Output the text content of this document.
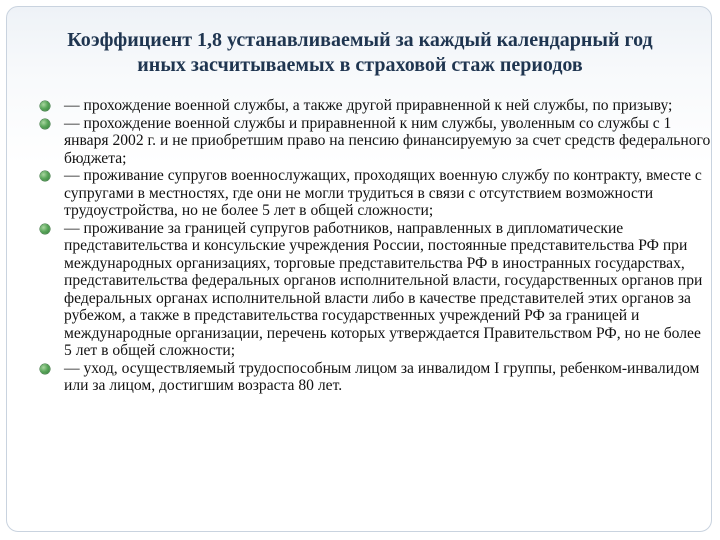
Коэффициент 1,8 устанавливаемый за каждый календарный год
иных засчитываемых в страховой стаж периодов
— прохождение военной службы, а также другой приравненной к ней службы, по призыву;
— прохождение военной службы и приравненной к ним службы, уволенным со службы с 1 января 2002 г. и не приобретшим право на пенсию финансируемую за счет средств федерального бюджета;
— проживание супругов военнослужащих, проходящих военную службу по контракту, вместе с супругами в местностях, где они не могли трудиться в связи с отсутствием возможности трудоустройства, но не более 5 лет в общей сложности;
— проживание за границей супругов работников, направленных в дипломатические представительства и консульские учреждения России, постоянные представительства РФ при международных организациях, торговые представительства РФ в иностранных государствах, представительства федеральных органов исполнительной власти, государственных органов при федеральных органах исполнительной власти либо в качестве представителей этих органов за рубежом, а также в представительства государственных учреждений РФ за границей и международные организации, перечень которых утверждается Правительством РФ, но не более 5 лет в общей сложности;
— уход, осуществляемый трудоспособным лицом за инвалидом I группы, ребенком-инвалидом или за лицом, достигшим возраста 80 лет.
